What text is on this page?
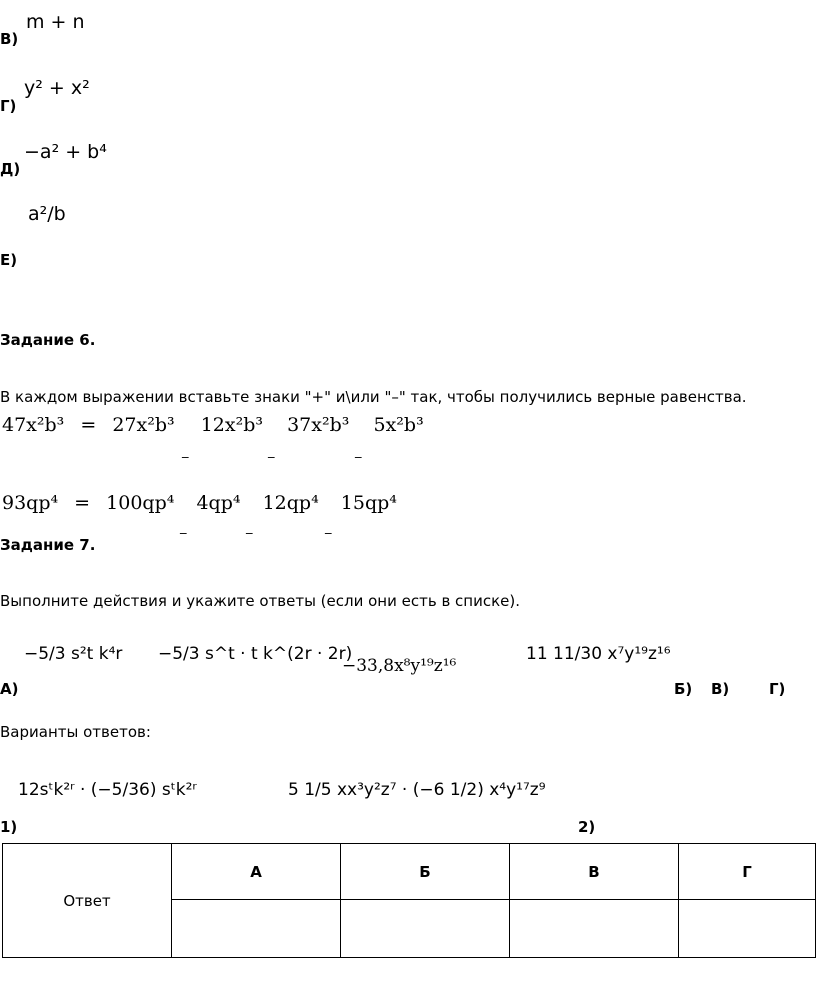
В)
m + n
Г)
y² + x²
Д)
−a² + b⁴
Е)
a²/b
Задание 6.
В каждом выражении вставьте знаки "+" и\или "–" так, чтобы получились верные равенства.
47x²b³ = 27x²b³ 12x²b³ 37x²b³ 5x²b³
_	_	_
93qp⁴ = 100qp⁴ 4qp⁴ 12qp⁴ 15qp⁴
_	_	_
Задание 7.
Выполните действия и укажите ответы (если они есть в списке).
−5/3 s²t k⁴r −5/3 s^t · t k^(2r · 2r)
−33,8x⁸y¹⁹z¹⁶
11 11/30 x⁷y¹⁹z¹⁶
А)	Б) В)	Г)
Варианты ответов:
12sᵗk²ʳ · (−5/36) sᵗk²ʳ	5 1/5 xx³y²z⁷ · (−6 1/2) x⁴y¹⁷z⁹
1)	2)
Ответ	А	Б	В	Г
